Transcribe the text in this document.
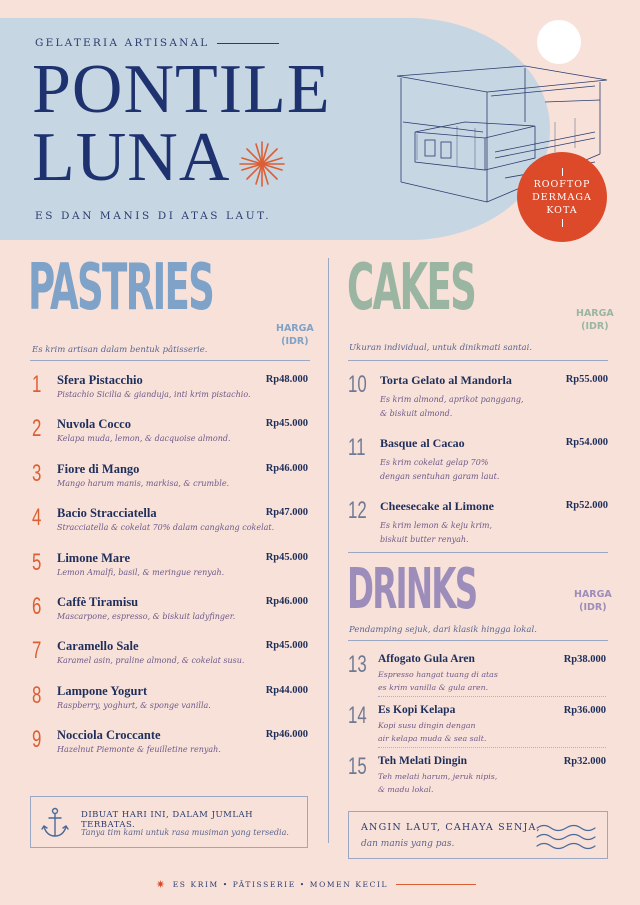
GELATERIA ARTISANAL
PONTILE
LUNA
ES DAN MANIS DI ATAS LAUT.
ROOFTOP
DERMAGA
KOTA
PASTRIES
HARGA
(IDR)
Es krim artisan dalam bentuk pâtisserie.
1 Sfera Pistacchio	Rp48.000
Pistachio Sicilia & gianduja, inti krim pistachio.
2 Nuvola Cocco	Rp45.000
Kelapa muda, lemon, & dacquoise almond.
3 Fiore di Mango	Rp46.000
Mango harum manis, markisa, & crumble.
4 Bacio Stracciatella	Rp47.000
Stracciatella & cokelat 70% dalam cangkang cokelat.
5 Limone Mare	Rp45.000
Lemon Amalfi, basil, & meringue renyah.
6 Caffè Tiramisu	Rp46.000
Mascarpone, espresso, & biskuit ladyfinger.
7 Caramello Sale	Rp45.000
Karamel asin, praline almond, & cokelat susu.
8 Lampone Yogurt	Rp44.000
Raspberry, yoghurt, & sponge vanilla.
9 Nocciola Croccante	Rp46.000
Hazelnut Piemonte & feuilletine renyah.
DIBUAT HARI INI, DALAM JUMLAH TERBATAS.
Tanya tim kami untuk rasa musiman yang tersedia.
CAKES	HARGA
(IDR)
Ukuran individual, untuk dinikmati santai.
10 Torta Gelato al Mandorla	Rp55.000
Es krim almond, aprikot panggang,
& biskuit almond.
11 Basque al Cacao	Rp54.000
Es krim cokelat gelap 70%
dengan sentuhan garam laut.
12 Cheesecake al Limone	Rp52.000
Es krim lemon & keju krim,
biskuit butter renyah.
DRINKS	HARGA
(IDR)
Pendamping sejuk, dari klasik hingga lokal.
13 Affogato Gula Aren	Rp38.000
Espresso hangat tuang di atas
es krim vanilla & gula aren.
14 Es Kopi Kelapa	Rp36.000
Kopi susu dingin dengan
air kelapa muda & sea salt.
15 Teh Melati Dingin	Rp32.000
Teh melati harum, jeruk nipis,
& madu lokal.
ANGIN LAUT, CAHAYA SENJA,
dan manis yang pas.
✷ ES KRIM • PÂTISSERIE • MOMEN KECIL
